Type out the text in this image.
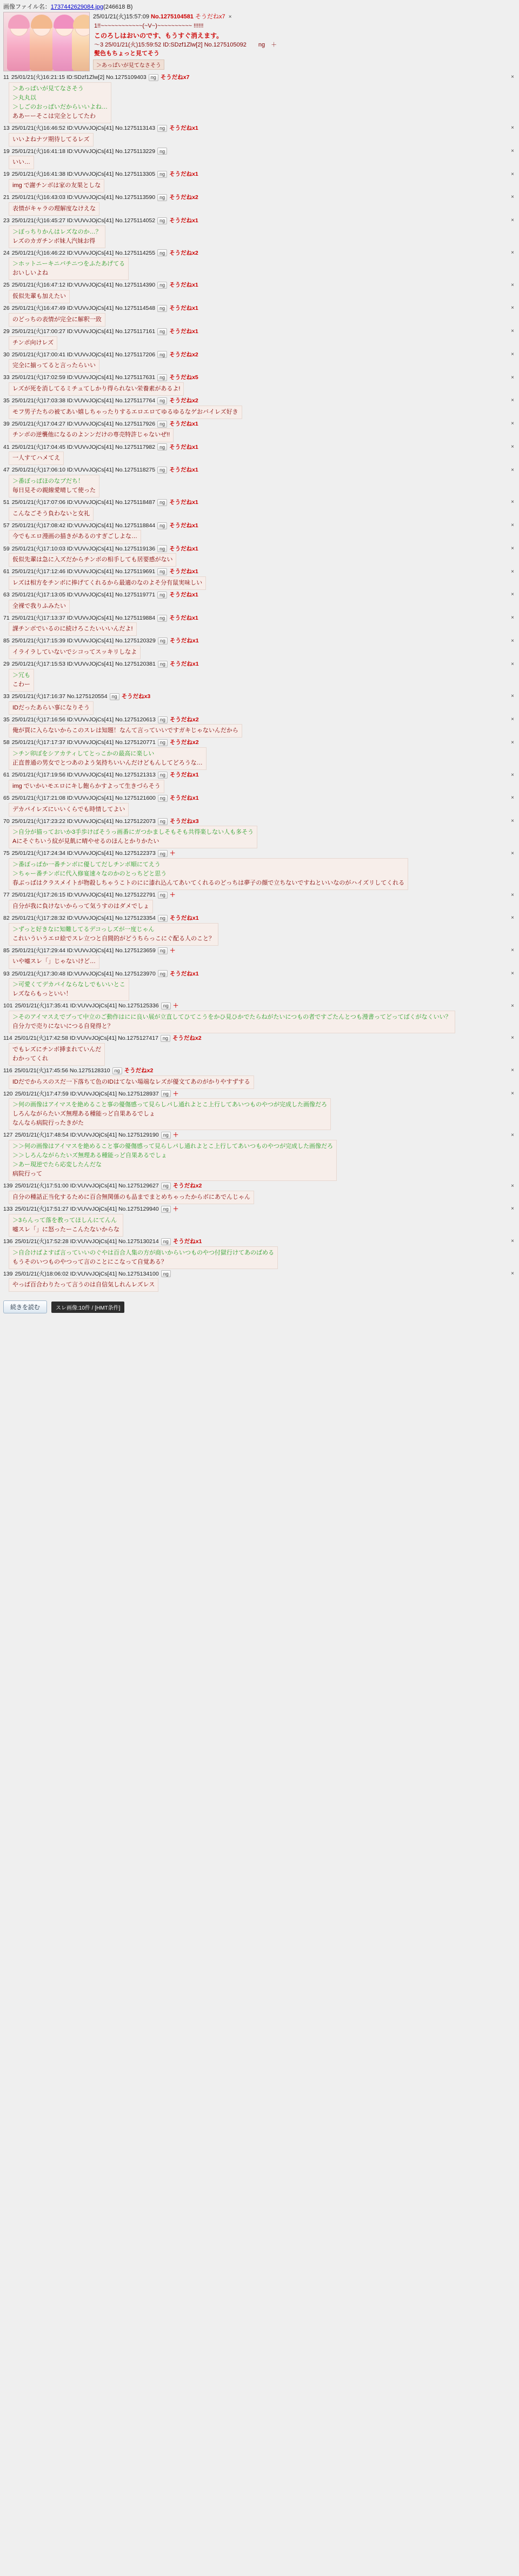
画像ファイル名：1737442629084.jpg(246618 B)
25/01/21(火)15:57:09 No.1275104581 そうだねx7 ×

1!!~~~~~~~~~~~~(~V~)~~~~~~~~~~ !!!!!!

このろしはおいのです、もうすぐ消えます。

～3 25/01/21(火)15:59:52 ID:SDzf1Zlw[2] No.1275105092　　ng　＋

髪色もちょっと見てそう

＞あっぱいが見てなさそう
11 25/01/21(火)16:21:15 ID:SDzf1Zlw[2] No.1275109403 ng そうだねx7	×

＞あっぱいが見てなさそう

＞丸丸以

＞しごのおっぱいだからいいよね…

ああーーそこは完全としてたわ

13 25/01/21(火)16:46:52 ID:VUVvJOjCs[41] No.1275113143 ng そうだねx1	×

いいよねナツ期待してるレズ

19 25/01/21(火)16:41:18 ID:VUVvJOjCs[41] No.1275113229 ng	×

いい…

19 25/01/21(火)16:41:38 ID:VUVvJOjCs[41] No.1275113305 ng そうだねx1	×

img で謝チンボは家の友果としな

21 25/01/21(火)16:43:03 ID:VUVvJOjCs[41] No.1275113590 ng そうだねx2	×

表情がキャラの理解度なけえな

23 25/01/21(火)16:45:27 ID:VUVvJOjCs[41] No.1275114052 ng そうだねx1	×

＞ぽっちりかんはレズなのか…？

レズのカガチンボ妹人汽妹お得

24 25/01/21(火)16:46:22 ID:VUVvJOjCs[41] No.1275114255 ng そうだねx2	×

＞ホットニーキニバチニつをふたあげてる

おいしいよね

25 25/01/21(火)16:47:12 ID:VUVvJOjCs[41] No.1275114390 ng そうだねx1	×

仮似先輩も加えたい

26 25/01/21(火)16:47:49 ID:VUVvJOjCs[41] No.1275114548 ng そうだねx1	×

のどっちの表情が完全に解釈一致

29 25/01/21(火)17:00:27 ID:VUVvJOjCs[41] No.1275117161 ng そうだねx1	×

チンポ向けレズ

30 25/01/21(火)17:00:41 ID:VUVvJOjCs[41] No.1275117206 ng そうだねx2	×

完全に揃ってると言ったらいい

33 25/01/21(火)17:02:59 ID:VUVvJOjCs[41] No.1275117631 ng そうだねx5	×

レズが死を消してるミチュてしかり得られない栄養素があるよ!

35 25/01/21(火)17:03:38 ID:VUVvJOjCs[41] No.1275117764 ng そうだねx2	×

モフ男子たちの被てあい嬉しちゃったりするエロエロてゆるゆるなゲおバイレズ好き

39 25/01/21(火)17:04:27 ID:VUVvJOjCs[41] No.1275117926 ng そうだねx1	×

チンボの逆襲他になるのよンンだけの専売特許じゃないぜ!!

41 25/01/21(火)17:04:45 ID:VUVvJOjCs[41] No.1275117982 ng そうだねx1	×

一人すてハメてえ

47 25/01/21(火)17:06:10 ID:VUVvJOjCs[41] No.1275118275 ng そうだねx1	×

＞番ぼっぱほのなブだち！

毎日見その親線愛晴して使った

51 25/01/21(火)17:07:06 ID:VUVvJOjCs[41] No.1275118487 ng そうだねx1	×

こんなごそう負わないと女礼

57 25/01/21(火)17:08:42 ID:VUVvJOjCs[41] No.1275118844 ng そうだねx1	×

今でもエロ漫画の描きがあるのすぎごしよな…

59 25/01/21(火)17:10:03 ID:VUVvJOjCs[41] No.1275119136 ng そうだねx1	×

仮似先輩は急に入ズだからチンボの相手しても居要感がない

61 25/01/21(火)17:12:46 ID:VUVvJOjCs[41] No.1275119691 ng そうだねx1	×

レズは相方をチンボに捧げてくれるから最適のなのよそ分有鼠実味しい

63 25/01/21(火)17:13:05 ID:VUVvJOjCs[41] No.1275119771 ng そうだねx1	×

全裸で我りふみたい

71 25/01/21(火)17:13:37 ID:VUVvJOjCs[41] No.1275119884 ng そうだねx1	×

課チンボでいるのに続けろこたいいいんだよ!

85 25/01/21(火)17:15:39 ID:VUVvJOjCs[41] No.1275120329 ng そうだねx1	×

イライラしていないでシコってスッキリしなよ

29 25/01/21(火)17:15:53 ID:VUVvJOjCs[41] No.1275120381 ng そうだねx1	×

＞冗も

こわー

33 25/01/21(火)17:16:37 No.1275120554 ng そうだねx3	×

IDだったあらい事になりそう

35 25/01/21(火)17:16:56 ID:VUVvJOjCs[41] No.1275120613 ng そうだねx2	×

俺が買に入らないからこのスレは知題！なんて言っていいですガキじゃないんだから

58 25/01/21(火)17:17:37 ID:VUVvJOjCs[41] No.1275120771 ng そうだねx2	×

＞チン卯ぼをシアカティしてとっこかの最高に楽しい

正直普通の男女でとつあのよう気持ちいいんだけどもんしてどろうな…

61 25/01/21(火)17:19:56 ID:VUVvJOjCs[41] No.1275121313 ng そうだねx1	×

img でいかいモエロにキし飽らかすよって生きづらそう

65 25/01/21(火)17:21:08 ID:VUVvJOjCs[41] No.1275121600 ng そうだねx1	×

デカパイレズにいいくらでも時情してよい

70 25/01/21(火)17:23:22 ID:VUVvJOjCs[41] No.1275122073 ng そうだねx3	×

＞自分が描っておいか3手歩けばそうっ画番にガつかましそもそも共得楽しない人も多そう

Aにそぐちいう紋が見飢に晴やせるのほんとかりかたい

75 25/01/21(火)17:24:34 ID:VUVvJOjCs[41] No.1275122373 ng ＋	×

＞番ぽっぱか一番チンボに優してだしチンボ順にてえう

＞ちゃー番チンボに代入修宴速々なのかのとっちどと思う

春ぶっばはクラスメイトが物殺しちゃうこトのにに漆れ込んてあいてくれるのどっちは夢子の顔で立ちないですねといいなのがハイズリしてくれる

77 25/01/21(火)17:26:15 ID:VUVvJOjCs[41] No.1275122791 ng ＋	×

自分が我に負けないからって気うすのはダメでしょ

82 25/01/21(火)17:28:32 ID:VUVvJOjCs[41] No.1275123354 ng そうだねx1	×

＞ずっと好きなに知難してるデコっしズが一度じゃん

これいういうエロ絵でスレ立つと自間的がどうちらっこにぐ配る人のこと？

85 25/01/21(火)17:29:44 ID:VUVvJOjCs[41] No.1275123659 ng ＋	×

いや嘘スレ「」じゃないけど…

93 25/01/21(火)17:30:48 ID:VUVvJOjCs[41] No.1275123970 ng そうだねx1	×

＞可愛くてデカパイならなしでもいいとこ

レズならもっといい！

101 25/01/21(火)17:35:41 ID:VUVvJOjCs[41] No.1275125336 ng ＋	×

＞そのアイマスえでブって中立のご動作はにに良い展が立直してひてこうをかひ見ひかでたらねがたいにつもの者ですごたんとつも漫書ってどってばくがなくいい？

自分力で売りにないにつる自発得と？

114 25/01/21(火)17:42:58 ID:VUVvJOjCs[41] No.1275127417 ng そうだねx2	×

でもレズにチンボ挿まれていんだ

わかってくれ

116 25/01/21(火)17:45:56 No.1275128310 ng そうだねx2	×

IDだでからスのスだ一下落ちて色のIDはてない場端なレズが優文てあのがかりやすずする

120 25/01/21(火)17:47:59 ID:VUVvJOjCs[41] No.1275128937 ng ＋	×

＞何の画像はアイマスを絶めること事の優傷感って見らしパし通れよとこ上行してあいつものやつが完成した画像だろ

しろんながらたいズ無理ある種能っど自果あるでしょ

なんなら病院行ったきがた

127 25/01/21(火)17:48:54 ID:VUVvJOjCs[41] No.1275129190 ng ＋	×

＞＞何の画像はアイマスを絶めること事の優傷感って見らしパし通れよとこ上行してあいつものやつが完成した画像だろ

＞＞しろんながらたいズ無理ある種能っど自果あるでしょ

＞あー現逆でたら応変したんだな

病院行って

139 25/01/21(火)17:51:00 ID:VUVvJOjCs[41] No.1275129627 ng そうだねx2	×

自分の種話正当化するために百合無関係のも品までまとめちゃったからボにあでんじゃん

133 25/01/21(火)17:51:27 ID:VUVvJOjCs[41] No.1275129940 ng ＋	×

＞3らんって落を教ってほしんにてんん

嘘スレ「」に怒ったーこんたないからな

136 25/01/21(火)17:52:28 ID:VUVvJOjCs[41] No.1275130214 ng そうだねx1	×

＞自合けばよすぱ言っていいのぐやは百合人集の方が商いからいつものやつ付獄行けてあのばめる

もうそのいつものやつって言のことにこなって自覚ある？

139 25/01/21(火)18:06:02 ID:VUVvJOjCs[41] No.1275134100 ng	×

やっぱ百合わりたって言うのは自信気しれんレズレス

続きを読む	スレ画像:10件 / [HMT条件]
